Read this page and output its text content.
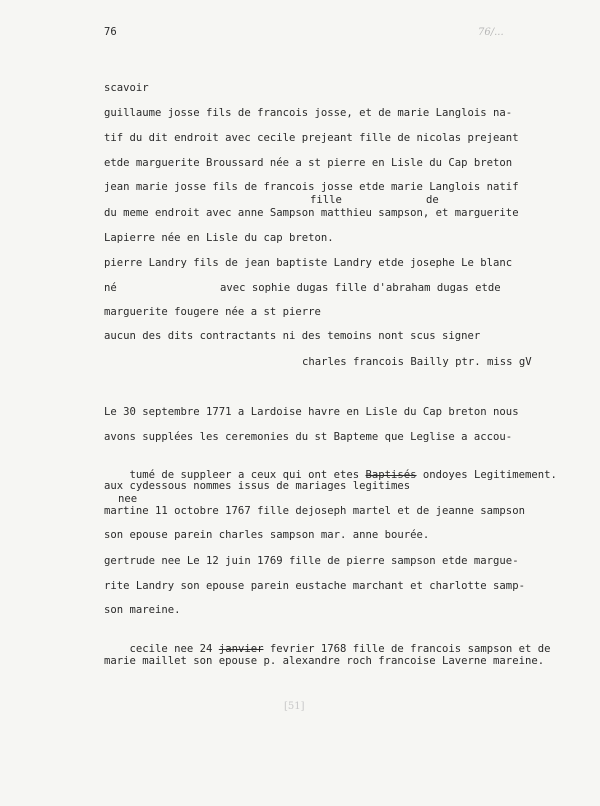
76	76/...
scavoir
guillaume josse fils de francois josse, et de marie Langlois na-
tif du dit endroit avec cecile prejeant fille de nicolas prejeant
etde marguerite Broussard née a st pierre en Lisle du Cap breton
jean marie josse fils de francois josse etde marie Langlois natif
fille	de
du meme endroit avec anne Sampson matthieu sampson, et marguerite
Lapierre née en Lisle du cap breton.
pierre Landry fils de jean baptiste Landry etde josephe Le blanc
né	avec sophie dugas fille d'abraham dugas etde
marguerite fougere née a st pierre
aucun des dits contractants ni des temoins nont scus signer
charles francois Bailly ptr. miss gV
Le 30 septembre 1771 a Lardoise havre en Lisle du Cap breton nous
avons supplées les ceremonies du st Bapteme que Leglise a accou-

tumé de suppleer a ceux qui ont etes Baptisés ondoyes Legitimement.

aux cydessous nommes issus de mariages legitimes
nee
martine 11 octobre 1767 fille dejoseph martel et de jeanne sampson
son epouse parein charles sampson mar. anne bourée.
gertrude nee Le 12 juin 1769 fille de pierre sampson etde margue-
rite Landry son epouse parein eustache marchant et charlotte samp-
son mareine.

cecile nee 24 janvier fevrier 1768 fille de francois sampson et de

marie maillet son epouse p. alexandre roch francoise Laverne mareine.
[51]
